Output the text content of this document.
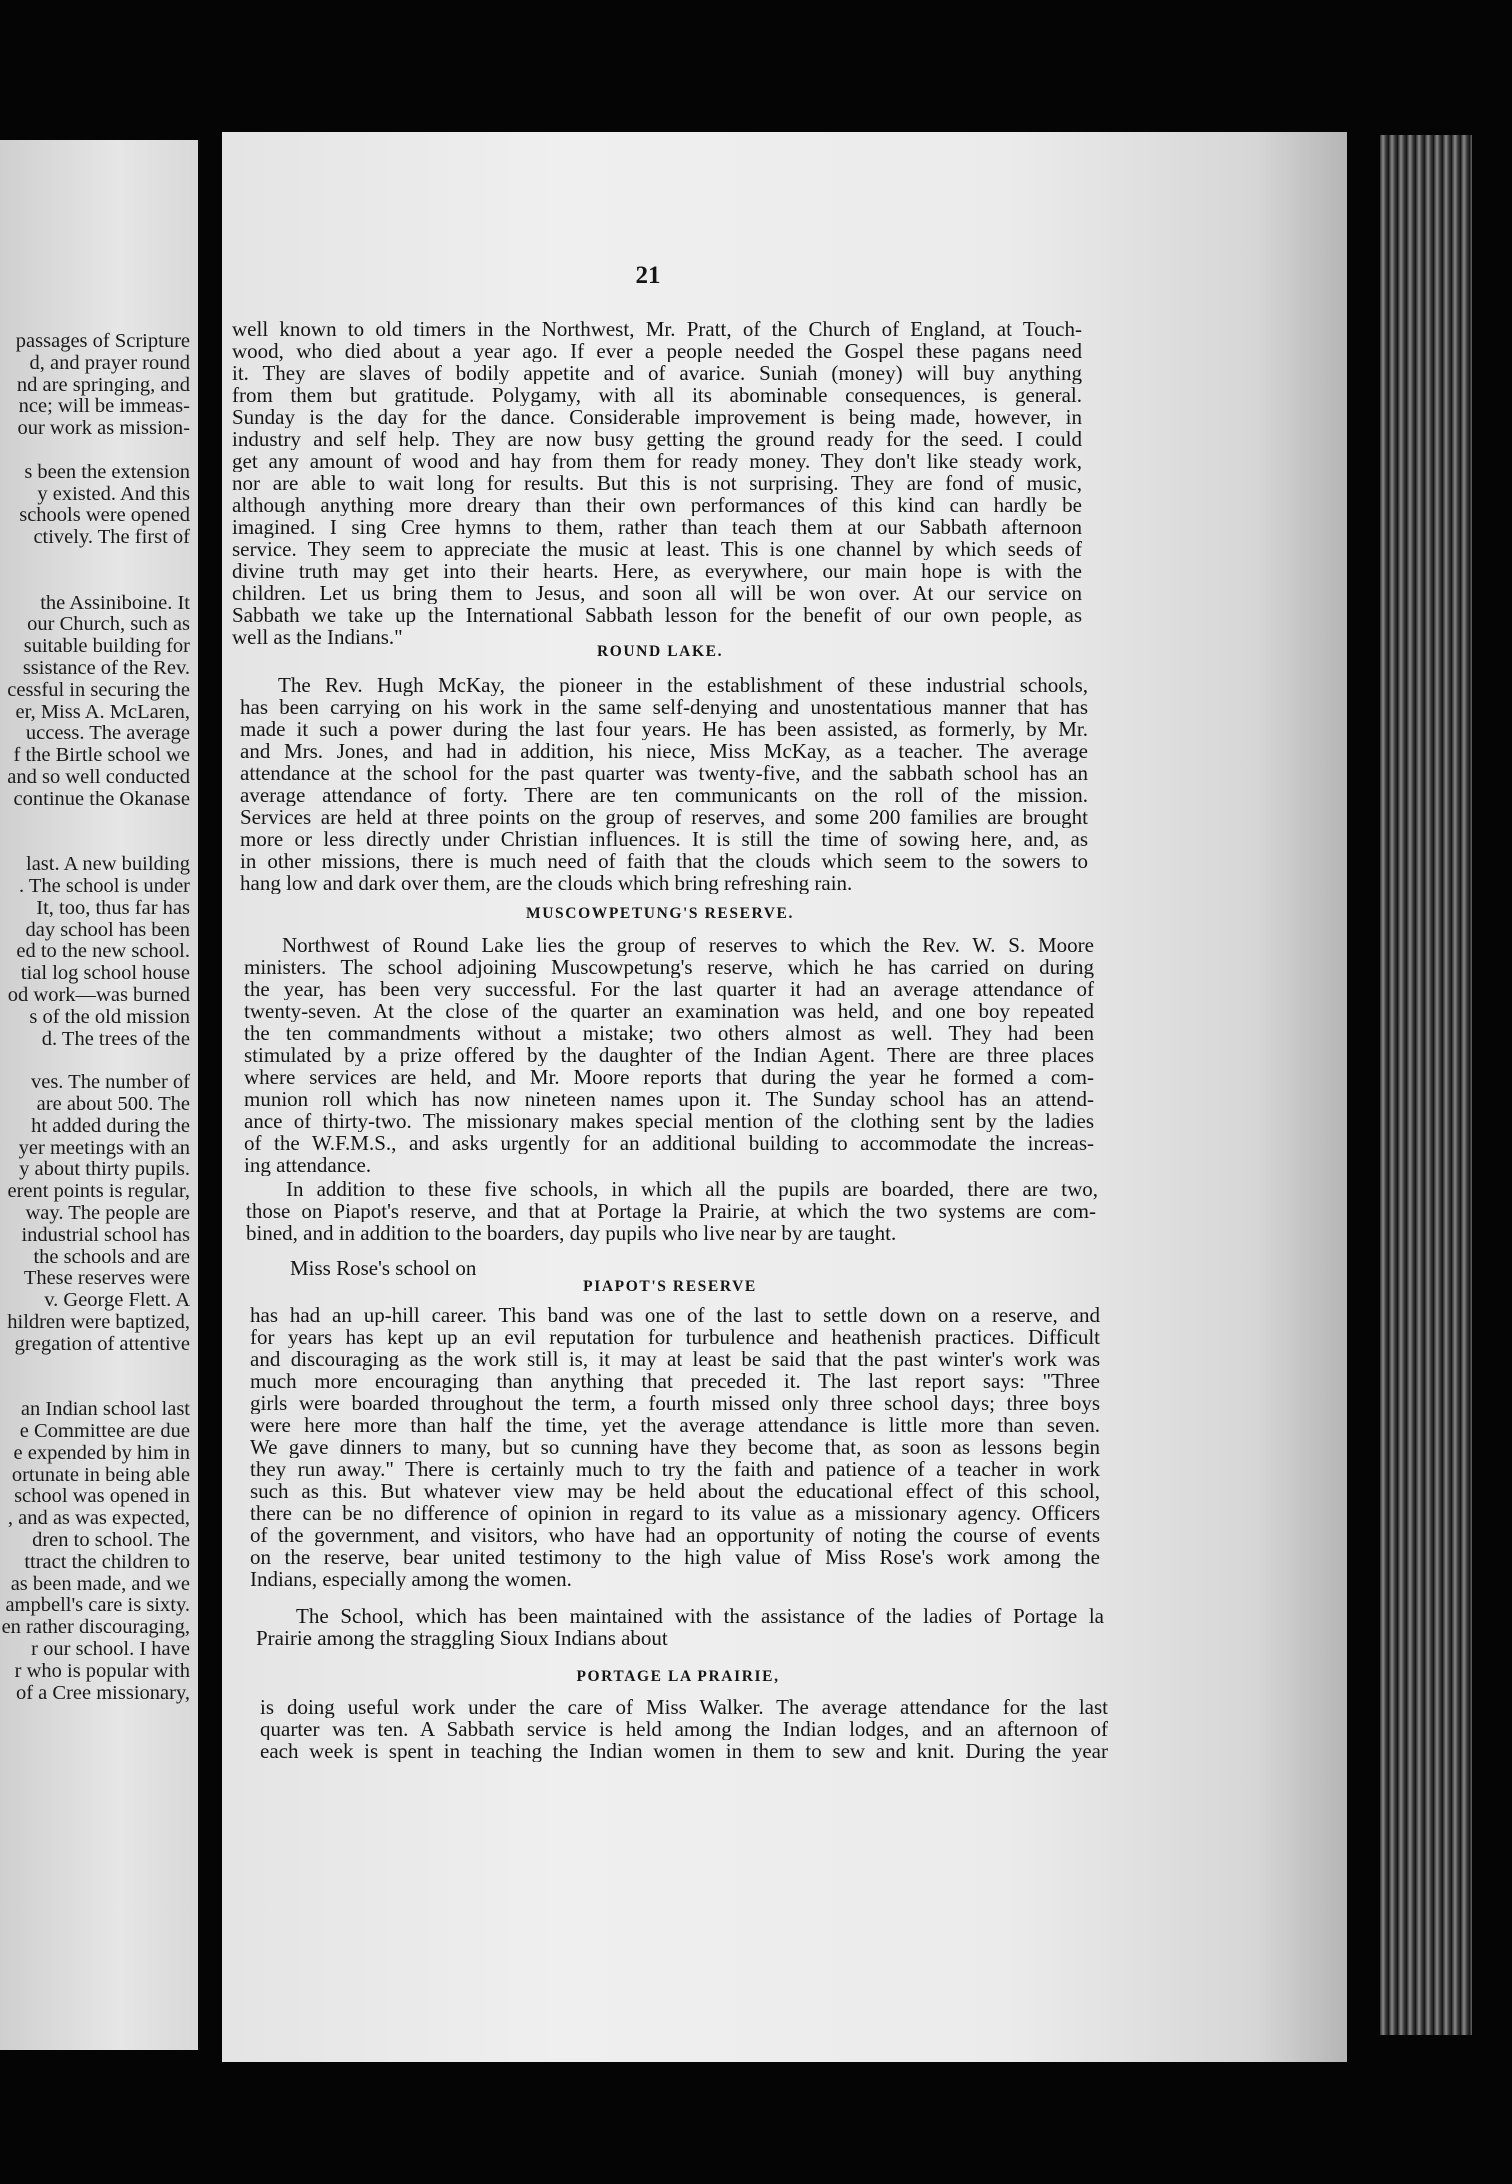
passages of Scripture
d, and prayer round
nd are springing, and
nce; will be immeas-
our work as mission-
s been the extension
y existed. And this
schools were opened
ctively. The first of
the Assiniboine. It
our Church, such as
suitable building for
ssistance of the Rev.
cessful in securing the
er, Miss A. McLaren,
uccess. The average
f the Birtle school we
and so well conducted
continue the Okanase
last. A new building
. The school is under
It, too, thus far has
day school has been
ed to the new school.
tial log school house
od work—was burned
s of the old mission
d. The trees of the
ves. The number of
are about 500. The
ht added during the
yer meetings with an
y about thirty pupils.
erent points is regular,
way. The people are
industrial school has
the schools and are
These reserves were
v. George Flett. A
hildren were baptized,
gregation of attentive
an Indian school last
e Committee are due
e expended by him in
ortunate in being able
school was opened in
, and as was expected,
dren to school. The
ttract the children to
as been made, and we
ampbell's care is sixty.
en rather discouraging,
r our school. I have
r who is popular with
of a Cree missionary,
21
well known to old timers in the Northwest, Mr. Pratt, of the Church of England, at Touch-
wood, who died about a year ago. If ever a people needed the Gospel these pagans need
it. They are slaves of bodily appetite and of avarice. Suniah (money) will buy anything
from them but gratitude. Polygamy, with all its abominable consequences, is general.
Sunday is the day for the dance. Considerable improvement is being made, however, in
industry and self help. They are now busy getting the ground ready for the seed. I could
get any amount of wood and hay from them for ready money. They don't like steady work,
nor are able to wait long for results. But this is not surprising. They are fond of music,
although anything more dreary than their own performances of this kind can hardly be
imagined. I sing Cree hymns to them, rather than teach them at our Sabbath afternoon
service. They seem to appreciate the music at least. This is one channel by which seeds of
divine truth may get into their hearts. Here, as everywhere, our main hope is with the
children. Let us bring them to Jesus, and soon all will be won over. At our service on
Sabbath we take up the International Sabbath lesson for the benefit of our own people, as
well as the Indians."
ROUND LAKE.
The Rev. Hugh McKay, the pioneer in the establishment of these industrial schools,
has been carrying on his work in the same self-denying and unostentatious manner that has
made it such a power during the last four years. He has been assisted, as formerly, by Mr.
and Mrs. Jones, and had in addition, his niece, Miss McKay, as a teacher. The average
attendance at the school for the past quarter was twenty-five, and the sabbath school has an
average attendance of forty. There are ten communicants on the roll of the mission.
Services are held at three points on the group of reserves, and some 200 families are brought
more or less directly under Christian influences. It is still the time of sowing here, and, as
in other missions, there is much need of faith that the clouds which seem to the sowers to
hang low and dark over them, are the clouds which bring refreshing rain.
MUSCOWPETUNG'S RESERVE.
Northwest of Round Lake lies the group of reserves to which the Rev. W. S. Moore
ministers. The school adjoining Muscowpetung's reserve, which he has carried on during
the year, has been very successful. For the last quarter it had an average attendance of
twenty-seven. At the close of the quarter an examination was held, and one boy repeated
the ten commandments without a mistake; two others almost as well. They had been
stimulated by a prize offered by the daughter of the Indian Agent. There are three places
where services are held, and Mr. Moore reports that during the year he formed a com-
munion roll which has now nineteen names upon it. The Sunday school has an attend-
ance of thirty-two. The missionary makes special mention of the clothing sent by the ladies
of the W.F.M.S., and asks urgently for an additional building to accommodate the increas-
ing attendance.
In addition to these five schools, in which all the pupils are boarded, there are two,
those on Piapot's reserve, and that at Portage la Prairie, at which the two systems are com-
bined, and in addition to the boarders, day pupils who live near by are taught.
Miss Rose's school on
PIAPOT'S RESERVE
has had an up-hill career. This band was one of the last to settle down on a reserve, and
for years has kept up an evil reputation for turbulence and heathenish practices. Difficult
and discouraging as the work still is, it may at least be said that the past winter's work was
much more encouraging than anything that preceded it. The last report says: "Three
girls were boarded throughout the term, a fourth missed only three school days; three boys
were here more than half the time, yet the average attendance is little more than seven.
We gave dinners to many, but so cunning have they become that, as soon as lessons begin
they run away." There is certainly much to try the faith and patience of a teacher in work
such as this. But whatever view may be held about the educational effect of this school,
there can be no difference of opinion in regard to its value as a missionary agency. Officers
of the government, and visitors, who have had an opportunity of noting the course of events
on the reserve, bear united testimony to the high value of Miss Rose's work among the
Indians, especially among the women.
The School, which has been maintained with the assistance of the ladies of Portage la
Prairie among the straggling Sioux Indians about
PORTAGE LA PRAIRIE,
is doing useful work under the care of Miss Walker. The average attendance for the last
quarter was ten. A Sabbath service is held among the Indian lodges, and an afternoon of
each week is spent in teaching the Indian women in them to sew and knit. During the year
